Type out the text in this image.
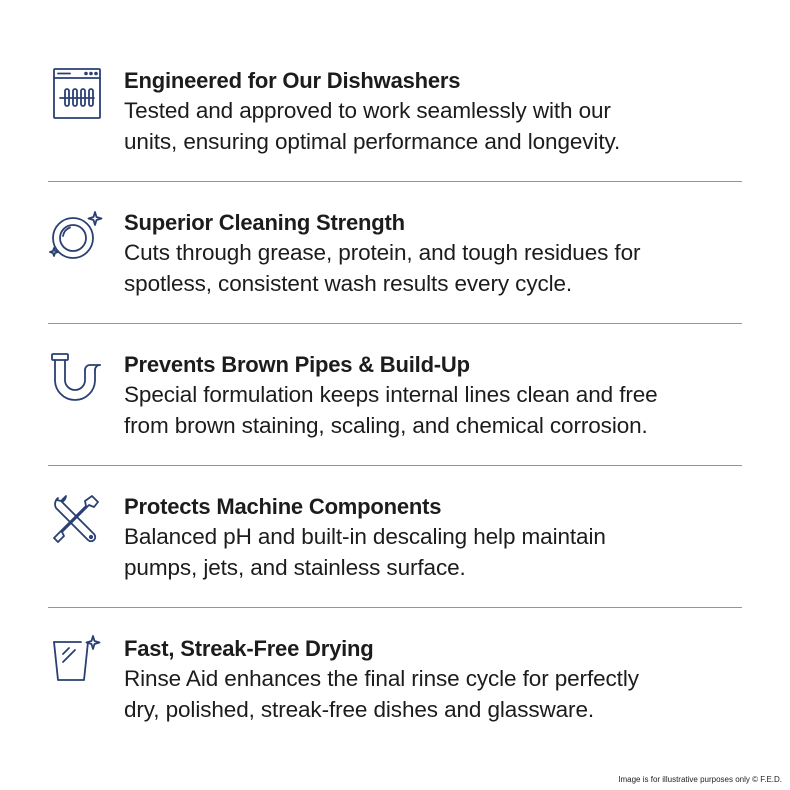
Engineered for Our Dishwashers
Tested and approved to work seamlessly with our
units, ensuring optimal performance and longevity.
Superior Cleaning Strength
Cuts through grease, protein, and tough residues for
spotless, consistent wash results every cycle.
Prevents Brown Pipes & Build-Up
Special formulation keeps internal lines clean and free
from brown staining, scaling, and chemical corrosion.
Protects Machine Components
Balanced pH and built-in descaling help maintain
pumps, jets, and stainless surface.
Fast, Streak-Free Drying
Rinse Aid enhances the final rinse cycle for perfectly
dry, polished, streak-free dishes and glassware.
Image is for illustrative purposes only © F.E.D.
